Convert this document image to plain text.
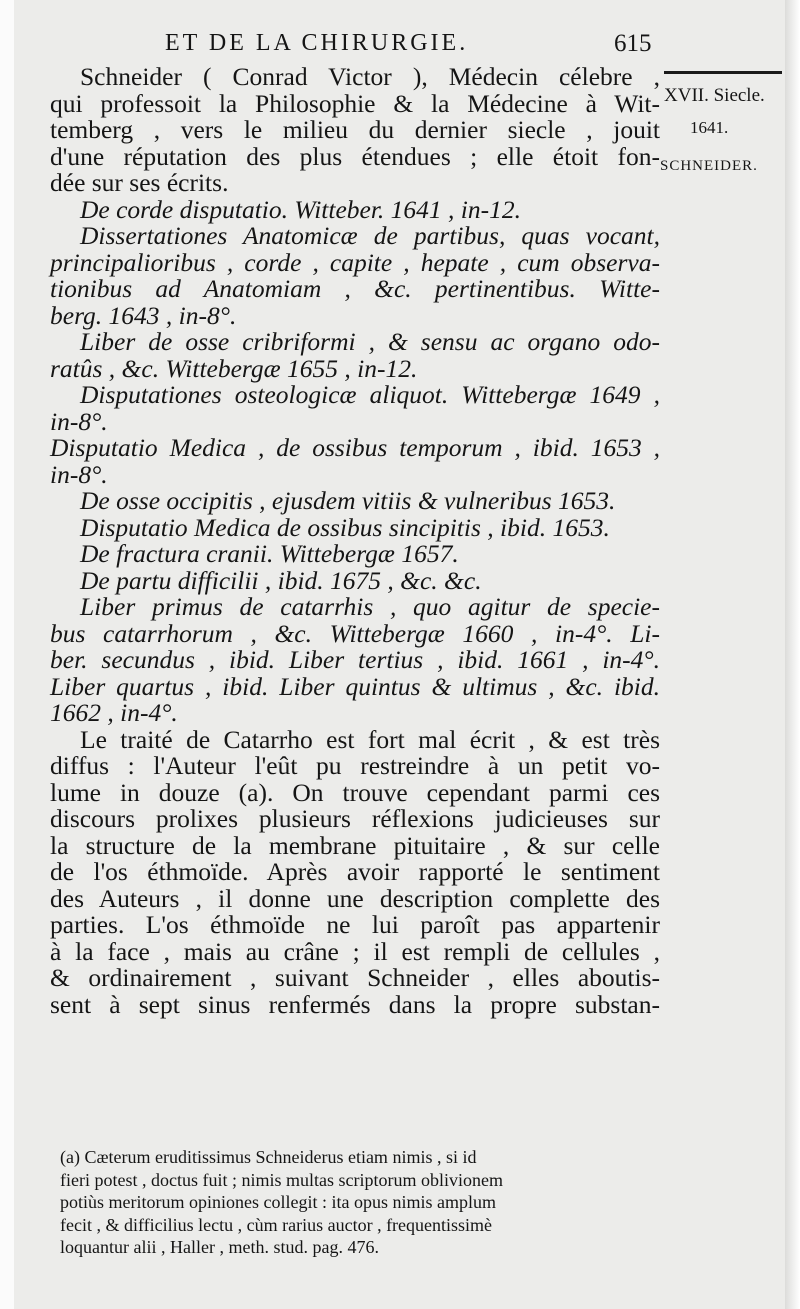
ET DE LA CHIRURGIE.	615
XVII. Siecle.
1641.
SCHNEIDER.
Schneider ( Conrad Victor ), Médecin célebre ,
qui professoit la Philosophie & la Médecine à Wit-
temberg , vers le milieu du dernier siecle , jouit
d'une réputation des plus étendues ; elle étoit fon-
dée sur ses écrits.
De corde disputatio. Witteber. 1641 , in-12.
Dissertationes Anatomicæ de partibus, quas vocant,
principalioribus , corde , capite , hepate , cum observa-
tionibus ad Anatomiam , &c. pertinentibus. Witte-
berg. 1643 , in-8°.
Liber de osse cribriformi , & sensu ac organo odo-
ratûs , &c. Wittebergæ 1655 , in-12.
Disputationes osteologicæ aliquot. Wittebergæ 1649 ,
in-8°.
Disputatio Medica , de ossibus temporum , ibid. 1653 ,
in-8°.
De osse occipitis , ejusdem vitiis & vulneribus 1653.
Disputatio Medica de ossibus sincipitis , ibid. 1653.
De fractura cranii. Wittebergæ 1657.
De partu difficilii , ibid. 1675 , &c. &c.
Liber primus de catarrhis , quo agitur de specie-
bus catarrhorum , &c. Wittebergæ 1660 , in-4°. Li-
ber. secundus , ibid. Liber tertius , ibid. 1661 , in-4°.
Liber quartus , ibid. Liber quintus & ultimus , &c. ibid.
1662 , in-4°.
Le traité de Catarrho est fort mal écrit , & est très
diffus : l'Auteur l'eût pu restreindre à un petit vo-
lume in douze (a). On trouve cependant parmi ces
discours prolixes plusieurs réflexions judicieuses sur
la structure de la membrane pituitaire , & sur celle
de l'os éthmoïde. Après avoir rapporté le sentiment
des Auteurs , il donne une description complette des
parties. L'os éthmoïde ne lui paroît pas appartenir
à la face , mais au crâne ; il est rempli de cellules ,
& ordinairement , suivant Schneider , elles aboutis-
sent à sept sinus renfermés dans la propre substan-
(a) Cæterum eruditissimus Schneiderus etiam nimis , si id
fieri potest , doctus fuit ; nimis multas scriptorum oblivionem
potiùs meritorum opiniones collegit : ita opus nimis amplum
fecit , & difficilius lectu , cùm rarius auctor , frequentissimè
loquantur alii , Haller , meth. stud. pag. 476.
